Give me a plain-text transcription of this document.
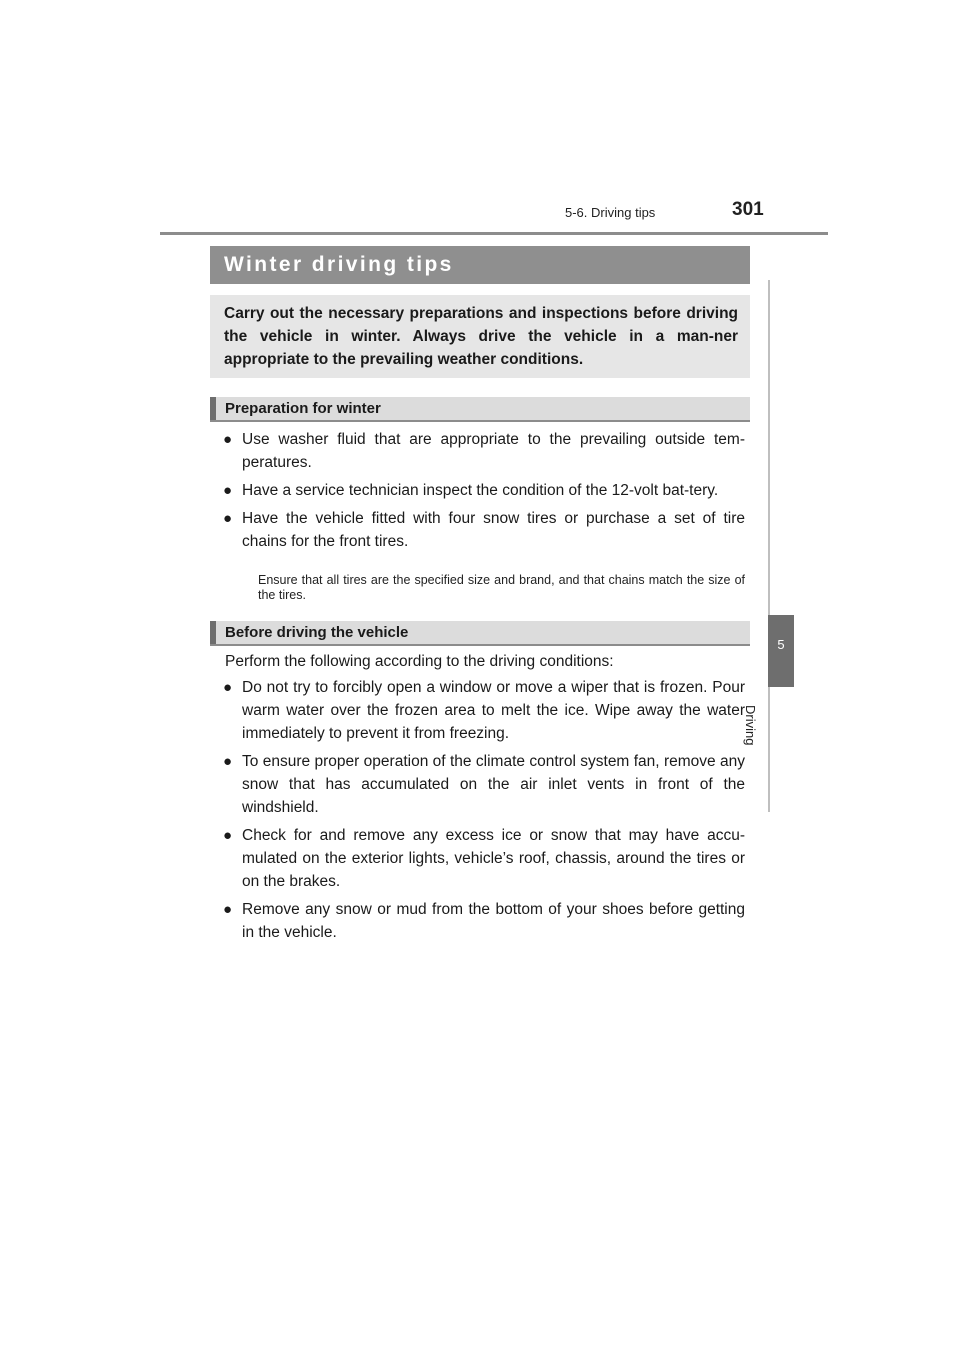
5-6. Driving tips	301
5
Driving
Winter driving tips

Carry out the necessary preparations and inspections before driving the vehicle in winter. Always drive the vehicle in a man-ner appropriate to the prevailing weather conditions.

Preparation for winter
● Use washer fluid that are appropriate to the prevailing outside tem-peratures.
● Have a service technician inspect the condition of the 12-volt bat-tery.
● Have the vehicle fitted with four snow tires or purchase a set of tire chains for the front tires.

Ensure that all tires are the specified size and brand, and that chains match the size of the tires.

Before driving the vehicle

Perform the following according to the driving conditions:

● Do not try to forcibly open a window or move a wiper that is frozen. Pour warm water over the frozen area to melt the ice. Wipe away the water immediately to prevent it from freezing.
● To ensure proper operation of the climate control system fan, remove any snow that has accumulated on the air inlet vents in front of the windshield.
● Check for and remove any excess ice or snow that may have accu-mulated on the exterior lights, vehicle’s roof, chassis, around the tires or on the brakes.
● Remove any snow or mud from the bottom of your shoes before getting in the vehicle.
